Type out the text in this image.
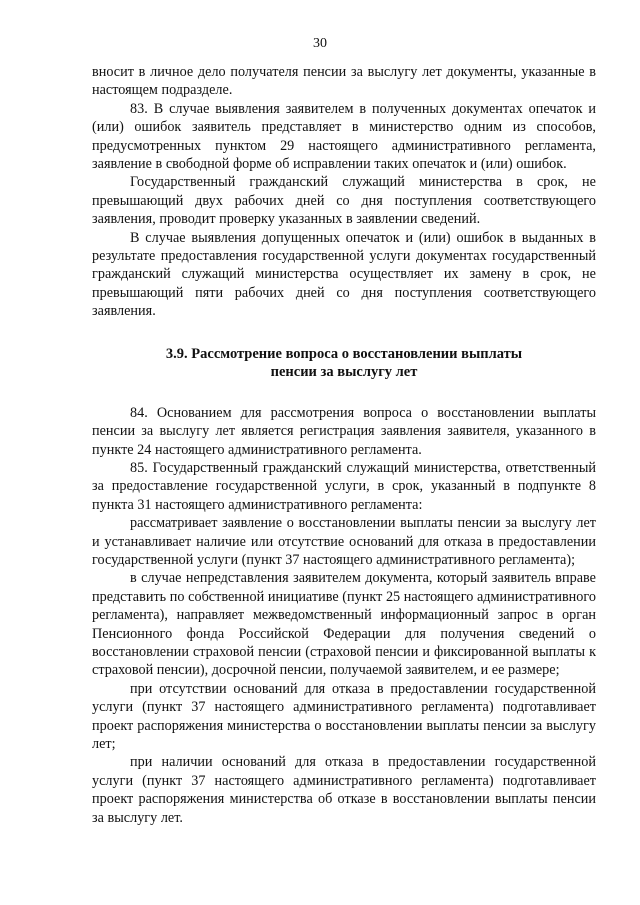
30

вносит в личное дело получателя пенсии за выслугу лет документы, указанные в настоящем подразделе.

83. В случае выявления заявителем в полученных документах опечаток и (или) ошибок заявитель представляет в министерство одним из способов, предусмотренных пунктом 29 настоящего административного регламента, заявление в свободной форме об исправлении таких опечаток и (или) ошибок.

Государственный гражданский служащий министерства в срок, не превышающий двух рабочих дней со дня поступления соответствующего заявления, проводит проверку указанных в заявлении сведений.

В случае выявления допущенных опечаток и (или) ошибок в выданных в результате предоставления государственной услуги документах государственный гражданский служащий министерства осуществляет их замену в срок, не превышающий пяти рабочих дней со дня поступления соответствующего заявления.

3.9. Рассмотрение вопроса о восстановлении выплаты
пенсии за выслугу лет

84. Основанием для рассмотрения вопроса о восстановлении выплаты пенсии за выслугу лет является регистрация заявления заявителя, указанного в пункте 24 настоящего административного регламента.

85. Государственный гражданский служащий министерства, ответственный за предоставление государственной услуги, в срок, указанный в подпункте 8 пункта 31 настоящего административного регламента:

рассматривает заявление о восстановлении выплаты пенсии за выслугу лет и устанавливает наличие или отсутствие оснований для отказа в предоставлении государственной услуги (пункт 37 настоящего административного регламента);

в случае непредставления заявителем документа, который заявитель вправе представить по собственной инициативе (пункт 25 настоящего административного регламента), направляет межведомственный информационный запрос в орган Пенсионного фонда Российской Федерации для получения сведений о восстановлении страховой пенсии (страховой пенсии и фиксированной выплаты к страховой пенсии), досрочной пенсии, получаемой заявителем, и ее размере;

при отсутствии оснований для отказа в предоставлении государственной услуги (пункт 37 настоящего административного регламента) подготавливает проект распоряжения министерства о восстановлении выплаты пенсии за выслугу лет;

при наличии оснований для отказа в предоставлении государственной услуги (пункт 37 настоящего административного регламента) подготавливает проект распоряжения министерства об отказе в восстановлении выплаты пенсии за выслугу лет.
